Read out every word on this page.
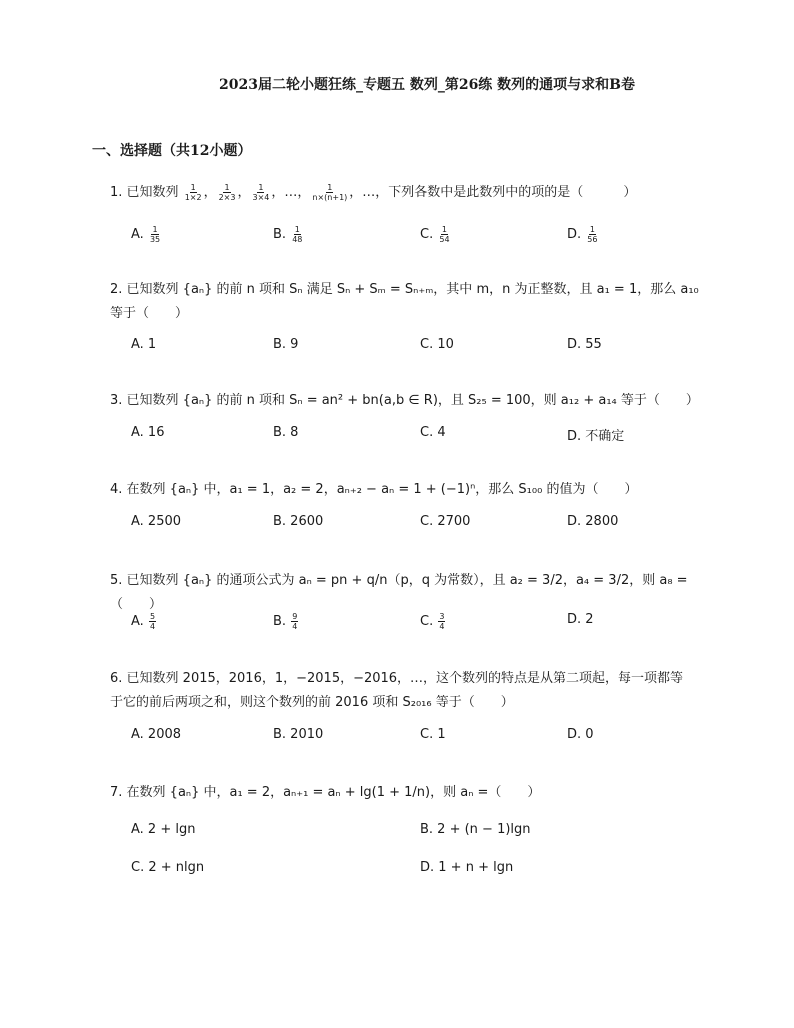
2023届二轮小题狂练_专题五 数列_第26练 数列的通项与求和B卷
一、选择题（共12小题）
1. 已知数列 $\frac{1}{1\times 2}$ ， $\frac{1}{2\times 3}$ ， $\frac{1}{3\times 4}$ ，…， $\frac{1}{n\times(n+1)}$ ，…，下列各数中是此数列中的项的是（	）
A. $\frac{1}{35}$	B. $\frac{1}{48}$	C. $\frac{1}{54}$	D. $\frac{1}{56}$
2. 已知数列 {aₙ} 的前 n 项和 Sₙ 满足 Sₙ + Sₘ = Sₙ₊ₘ，其中 m，n 为正整数，且 a₁ = 1，那么 a₁₀
等于（　　）
A. 1	B. 9	C. 10	D. 55
3. 已知数列 {aₙ} 的前 n 项和 Sₙ = an² + bn(a,b ∈ R)，且 S₂₅ = 100，则 a₁₂ + a₁₄ 等于（　　）
A. 16	B. 8	C. 4	D. 不确定
4. 在数列 {aₙ} 中，a₁ = 1，a₂ = 2，aₙ₊₂ − aₙ = 1 + (−1)ⁿ，那么 S₁₀₀ 的值为（　　）
A. 2500	B. 2600	C. 2700	D. 2800
5. 已知数列 {aₙ} 的通项公式为 aₙ = pn + q/n（p，q 为常数），且 a₂ = 3/2，a₄ = 3/2，则 a₈ =（　　）
A. $\frac{5}{4}$	B. $\frac{9}{4}$	C. $\frac{3}{4}$	D. 2
6. 已知数列 2015，2016，1，−2015，−2016，…，这个数列的特点是从第二项起，每一项都等
于它的前后两项之和，则这个数列的前 2016 项和 S₂₀₁₆ 等于（　　）
A. 2008	B. 2010	C. 1	D. 0
7. 在数列 {aₙ} 中，a₁ = 2，aₙ₊₁ = aₙ + lg(1 + 1/n)，则 aₙ =（　　）
A. 2 + lgn	B. 2 + (n − 1)lgn
C. 2 + nlgn	D. 1 + n + lgn
